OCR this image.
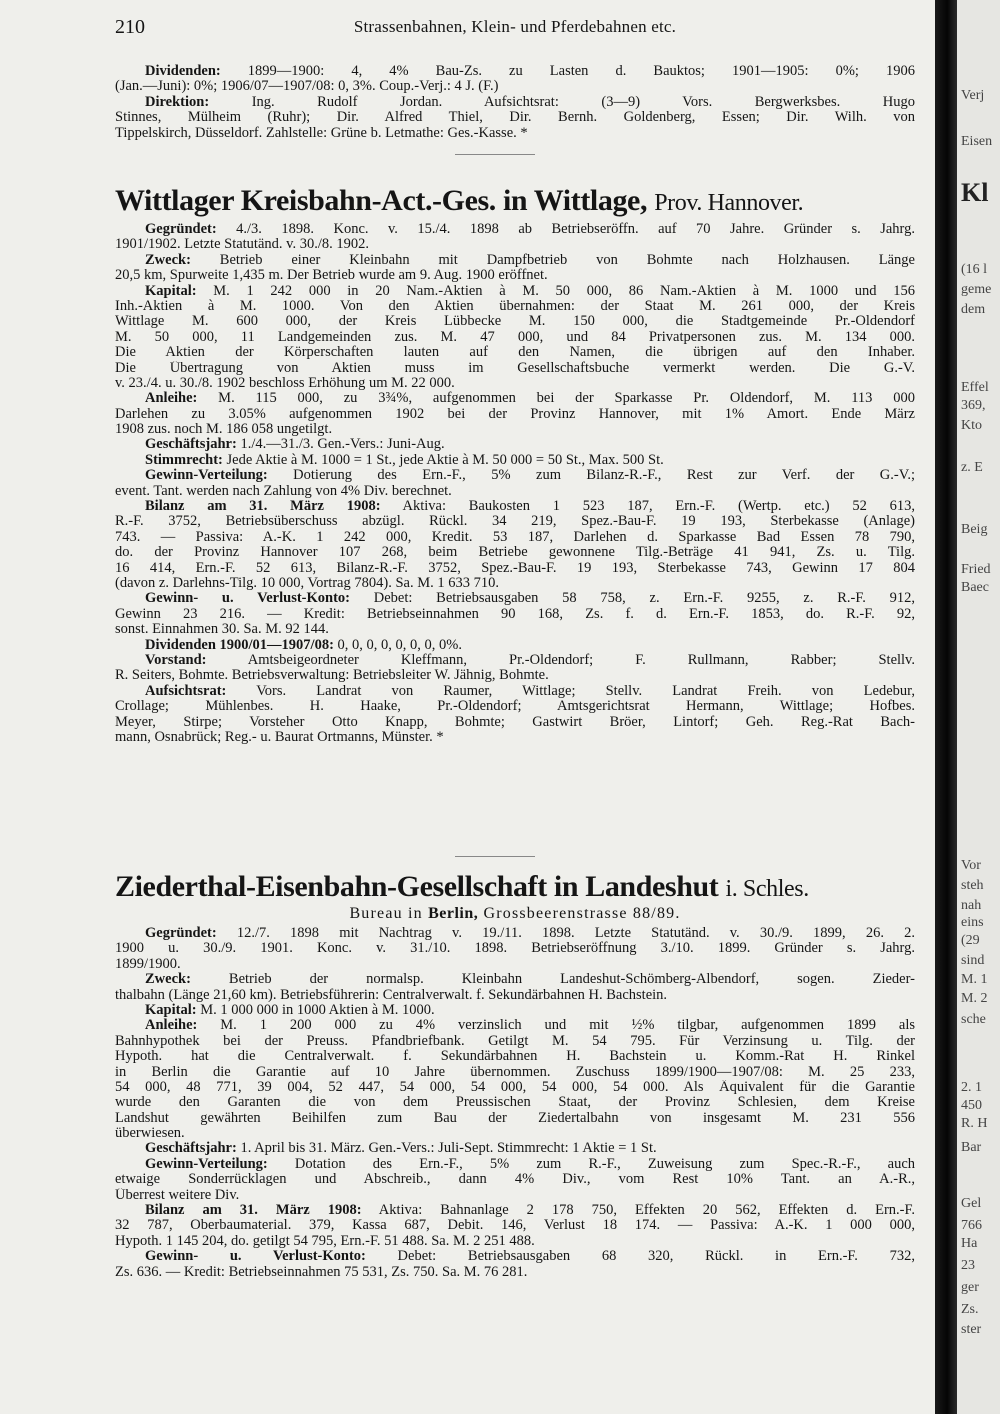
210	Strassenbahnen, Klein- und Pferdebahnen etc.
Dividenden: 1899—1900: 4, 4% Bau-Zs. zu Lasten d. Bauktos; 1901—1905: 0%; 1906
(Jan.—Juni): 0%; 1906/07—1907/08: 0, 3%. Coup.-Verj.: 4 J. (F.)
Direktion: Ing. Rudolf Jordan. Aufsichtsrat: (3—9) Vors. Bergwerksbes. Hugo
Stinnes, Mülheim (Ruhr); Dir. Alfred Thiel, Dir. Bernh. Goldenberg, Essen; Dir. Wilh. von
Tippelskirch, Düsseldorf. Zahlstelle: Grüne b. Letmathe: Ges.-Kasse. *
Wittlager Kreisbahn-Act.-Ges. in Wittlage, Prov. Hannover.
Gegründet: 4./3. 1898. Konc. v. 15./4. 1898 ab Betriebseröffn. auf 70 Jahre. Gründer s. Jahrg.
1901/1902. Letzte Statutänd. v. 30./8. 1902.
Zweck: Betrieb einer Kleinbahn mit Dampfbetrieb von Bohmte nach Holzhausen. Länge
20,5 km, Spurweite 1,435 m. Der Betrieb wurde am 9. Aug. 1900 eröffnet.
Kapital: M. 1 242 000 in 20 Nam.-Aktien à M. 50 000, 86 Nam.-Aktien à M. 1000 und 156
Inh.-Aktien à M. 1000. Von den Aktien übernahmen: der Staat M. 261 000, der Kreis
Wittlage M. 600 000, der Kreis Lübbecke M. 150 000, die Stadtgemeinde Pr.-Oldendorf
M. 50 000, 11 Landgemeinden zus. M. 47 000, und 84 Privatpersonen zus. M. 134 000.
Die Aktien der Körperschaften lauten auf den Namen, die übrigen auf den Inhaber.
Die Übertragung von Aktien muss im Gesellschaftsbuche vermerkt werden. Die G.-V.
v. 23./4. u. 30./8. 1902 beschloss Erhöhung um M. 22 000.
Anleihe: M. 115 000, zu 3¾%, aufgenommen bei der Sparkasse Pr. Oldendorf, M. 113 000
Darlehen zu 3.05% aufgenommen 1902 bei der Provinz Hannover, mit 1% Amort. Ende März
1908 zus. noch M. 186 058 ungetilgt.
Geschäftsjahr: 1./4.—31./3. Gen.-Vers.: Juni-Aug.
Stimmrecht: Jede Aktie à M. 1000 = 1 St., jede Aktie à M. 50 000 = 50 St., Max. 500 St.
Gewinn-Verteilung: Dotierung des Ern.-F., 5% zum Bilanz-R.-F., Rest zur Verf. der G.-V.;
event. Tant. werden nach Zahlung von 4% Div. berechnet.
Bilanz am 31. März 1908: Aktiva: Baukosten 1 523 187, Ern.-F. (Wertp. etc.) 52 613,
R.-F. 3752, Betriebsüberschuss abzügl. Rückl. 34 219, Spez.-Bau-F. 19 193, Sterbekasse (Anlage)
743. — Passiva: A.-K. 1 242 000, Kredit. 53 187, Darlehen d. Sparkasse Bad Essen 78 790,
do. der Provinz Hannover 107 268, beim Betriebe gewonnene Tilg.-Beträge 41 941, Zs. u. Tilg.
16 414, Ern.-F. 52 613, Bilanz-R.-F. 3752, Spez.-Bau-F. 19 193, Sterbekasse 743, Gewinn 17 804
(davon z. Darlehns-Tilg. 10 000, Vortrag 7804). Sa. M. 1 633 710.
Gewinn- u. Verlust-Konto: Debet: Betriebsausgaben 58 758, z. Ern.-F. 9255, z. R.-F. 912,
Gewinn 23 216. — Kredit: Betriebseinnahmen 90 168, Zs. f. d. Ern.-F. 1853, do. R.-F. 92,
sonst. Einnahmen 30. Sa. M. 92 144.
Dividenden 1900/01—1907/08: 0, 0, 0, 0, 0, 0, 0, 0%.
Vorstand: Amtsbeigeordneter Kleffmann, Pr.-Oldendorf; F. Rullmann, Rabber; Stellv.
R. Seiters, Bohmte. Betriebsverwaltung: Betriebsleiter W. Jähnig, Bohmte.
Aufsichtsrat: Vors. Landrat von Raumer, Wittlage; Stellv. Landrat Freih. von Ledebur,
Crollage; Mühlenbes. H. Haake, Pr.-Oldendorf; Amtsgerichtsrat Hermann, Wittlage; Hofbes.
Meyer, Stirpe; Vorsteher Otto Knapp, Bohmte; Gastwirt Bröer, Lintorf; Geh. Reg.-Rat Bach-
mann, Osnabrück; Reg.- u. Baurat Ortmanns, Münster. *
Ziederthal-Eisenbahn-Gesellschaft in Landeshut i. Schles.
Bureau in Berlin, Grossbeerenstrasse 88/89.
Gegründet: 12./7. 1898 mit Nachtrag v. 19./11. 1898. Letzte Statutänd. v. 30./9. 1899, 26. 2.
1900 u. 30./9. 1901. Konc. v. 31./10. 1898. Betriebseröffnung 3./10. 1899. Gründer s. Jahrg.
1899/1900.
Zweck: Betrieb der normalsp. Kleinbahn Landeshut-Schömberg-Albendorf, sogen. Zieder-
thalbahn (Länge 21,60 km). Betriebsführerin: Centralverwalt. f. Sekundärbahnen H. Bachstein.
Kapital: M. 1 000 000 in 1000 Aktien à M. 1000.
Anleihe: M. 1 200 000 zu 4% verzinslich und mit ½% tilgbar, aufgenommen 1899 als
Bahnhypothek bei der Preuss. Pfandbriefbank. Getilgt M. 54 795. Für Verzinsung u. Tilg. der
Hypoth. hat die Centralverwalt. f. Sekundärbahnen H. Bachstein u. Komm.-Rat H. Rinkel
in Berlin die Garantie auf 10 Jahre übernommen. Zuschuss 1899/1900—1907/08: M. 25 233,
54 000, 48 771, 39 004, 52 447, 54 000, 54 000, 54 000, 54 000. Als Äquivalent für die Garantie
wurde den Garanten die von dem Preussischen Staat, der Provinz Schlesien, dem Kreise
Landshut gewährten Beihilfen zum Bau der Ziedertalbahn von insgesamt M. 231 556
überwiesen.
Geschäftsjahr: 1. April bis 31. März. Gen.-Vers.: Juli-Sept. Stimmrecht: 1 Aktie = 1 St.
Gewinn-Verteilung: Dotation des Ern.-F., 5% zum R.-F., Zuweisung zum Spec.-R.-F., auch
etwaige Sonderrücklagen und Abschreib., dann 4% Div., vom Rest 10% Tant. an A.-R.,
Überrest weitere Div.
Bilanz am 31. März 1908: Aktiva: Bahnanlage 2 178 750, Effekten 20 562, Effekten d. Ern.-F.
32 787, Oberbaumaterial. 379, Kassa 687, Debit. 146, Verlust 18 174. — Passiva: A.-K. 1 000 000,
Hypoth. 1 145 204, do. getilgt 54 795, Ern.-F. 51 488. Sa. M. 2 251 488.
Gewinn- u. Verlust-Konto: Debet: Betriebsausgaben 68 320, Rückl. in Ern.-F. 732,
Zs. 636. — Kredit: Betriebseinnahmen 75 531, Zs. 750. Sa. M. 76 281.
Verj
Eisen
Kl
(16 l
geme
dem
Effel
369,
Kto
z. E
Beig
Fried
Baec
Vor
steh
nah
eins
(29
sind
M. 1
M. 2
sche
2. 1
450
R. H
Bar
Gel
766
Ha
23
ger
Zs.
ster
